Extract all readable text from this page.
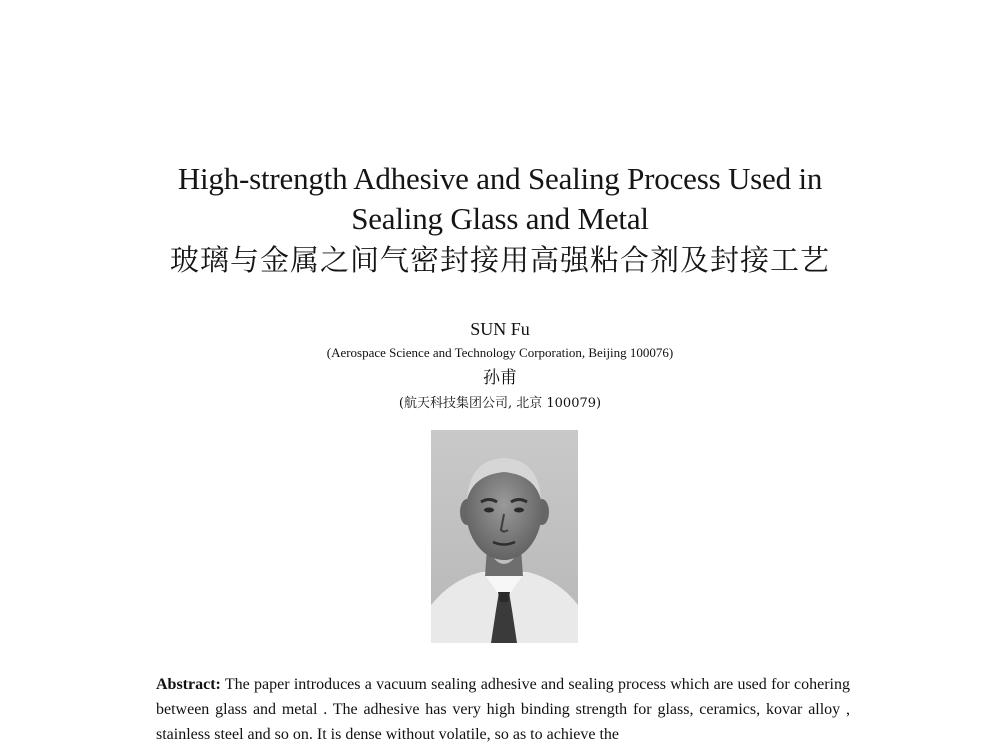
High-strength Adhesive and Sealing Process Used in
Sealing Glass and Metal
玻璃与金属之间气密封接用高强粘合剂及封接工艺
SUN Fu
(Aerospace Science and Technology Corporation, Beijing 100076)
孙甫
(航天科技集团公司, 北京 100079)
Abstract: The paper introduces a vacuum sealing adhesive and sealing process which are used for cohering between glass and metal . The adhesive has very high binding strength for glass, ceramics, kovar alloy , stainless steel and so on. It is dense without volatile, so as to achieve the
